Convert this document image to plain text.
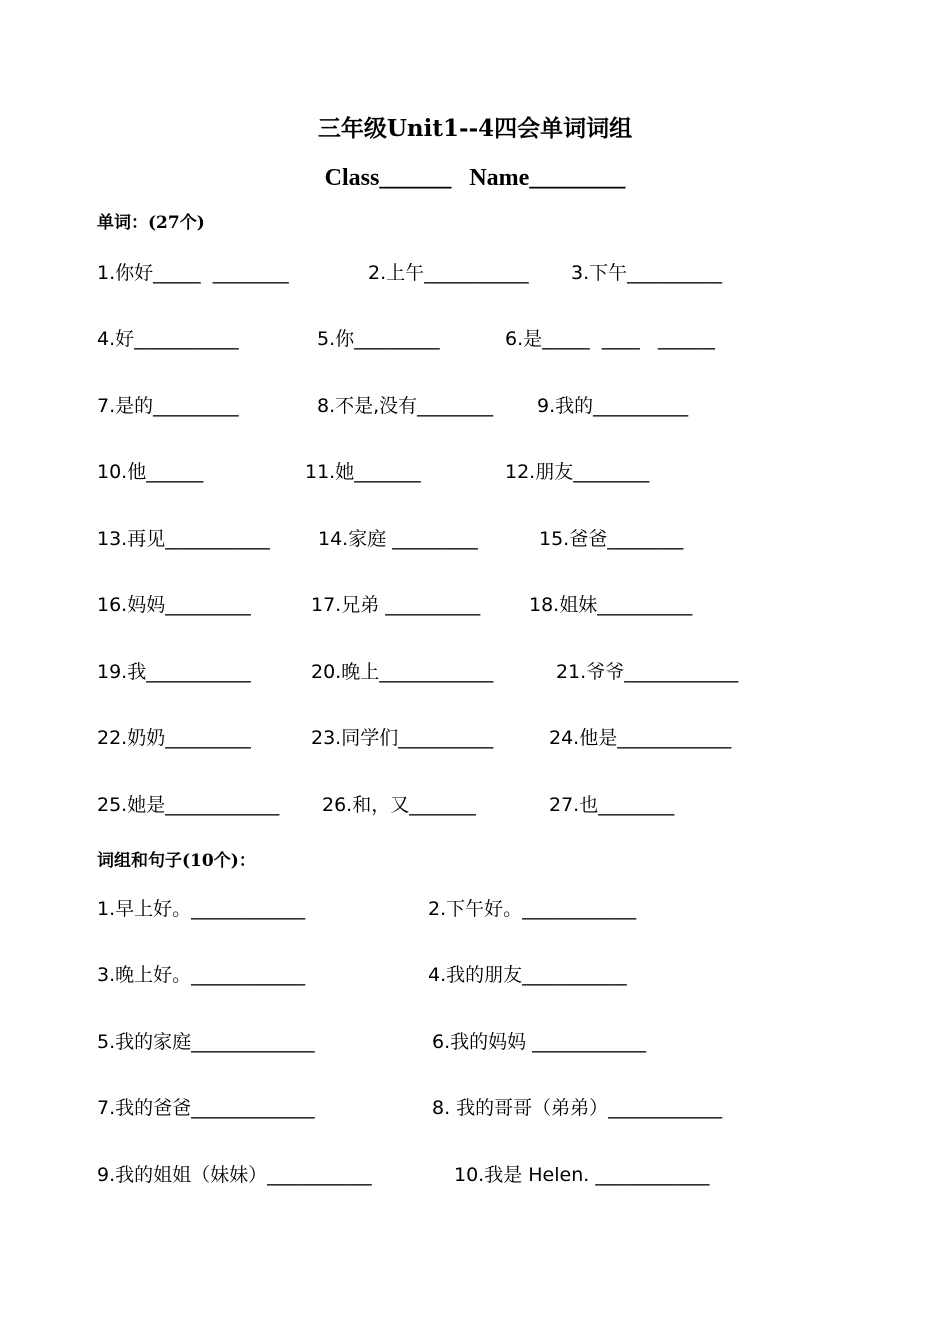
三年级Unit1--4四会单词词组
Class______   Name________
单词：(27个)
1.你好_____  ________	2.上午___________ 3.下午__________
4.好___________	5.你_________	6.是_____  ____   ______
7.是的_________	8.不是,没有________ 9.我的__________
10.他______	11.她_______	12.朋友________
13.再见___________	14.家庭 _________	15.爸爸________
16.妈妈_________	17.兄弟 __________	18.姐妹__________
19.我___________	20.晚上____________	21.爷爷____________
22.奶奶_________	23.同学们__________	24.他是____________
25.她是____________ 26.和，又_______	27.也________
词组和句子(10个)：
1.早上好。____________	2.下午好。____________
3.晚上好。____________	4.我的朋友___________
5.我的家庭_____________	6.我的妈妈 ____________
7.我的爸爸_____________	8. 我的哥哥（弟弟）____________
9.我的姐姐（妹妹）___________	10.我是 Helen. ____________
